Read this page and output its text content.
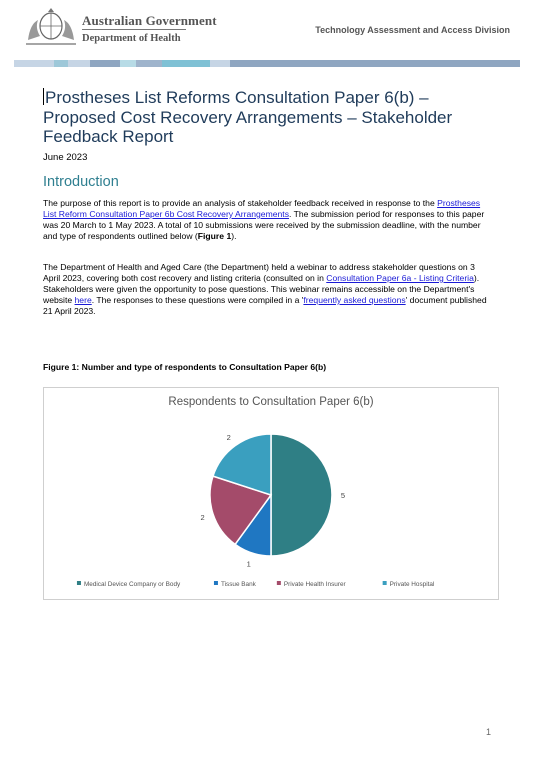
Australian Government
Department of Health
Technology Assessment and Access Division
Prostheses List Reforms Consultation Paper 6(b) – Proposed Cost Recovery Arrangements – Stakeholder Feedback Report
June 2023
Introduction
The purpose of this report is to provide an analysis of stakeholder feedback received in response to the Prostheses List Reform Consultation Paper 6b Cost Recovery Arrangements. The submission period for responses to this paper was 20 March to 1 May 2023. A total of 10 submissions were received by the submission deadline, with the number and type of respondents outlined below (Figure 1).
The Department of Health and Aged Care (the Department) held a webinar to address stakeholder questions on 3 April 2023, covering both cost recovery and listing criteria (consulted on in Consultation Paper 6a - Listing Criteria). Stakeholders were given the opportunity to pose questions. This webinar remains accessible on the Department's website here. The responses to these questions were compiled in a 'frequently asked questions' document published 21 April 2023.
Figure 1: Number and type of respondents to Consultation Paper 6(b)
Respondents to Consultation Paper 6(b)
5
1
2
2
Medical Device Company or Body	Tissue Bank	Private Health Insurer	Private Hospital
1
